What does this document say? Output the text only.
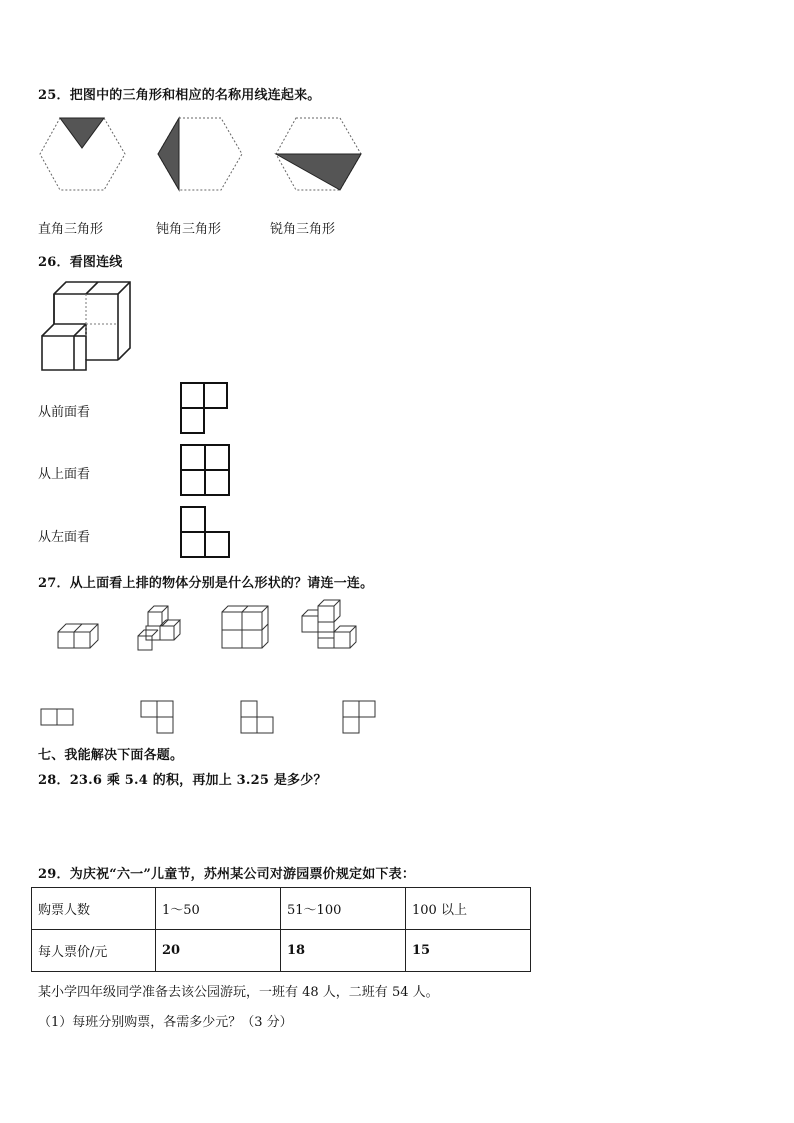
25．把图中的三角形和相应的名称用线连起来。
直角三角形	钝角三角形	锐角三角形
26．看图连线
从前面看
从上面看
从左面看
27．从上面看上排的物体分别是什么形状的？请连一连。
七、我能解决下面各题。
28．23.6 乘 5.4 的积，再加上 3.25 是多少？
29．为庆祝“六一”儿童节，苏州某公司对游园票价规定如下表：
购票人数	1～50	51～100	100 以上
每人票价/元	20	18	15
某小学四年级同学准备去该公园游玩，一班有 48 人，二班有 54 人。
（1）每班分别购票，各需多少元？（3 分）
